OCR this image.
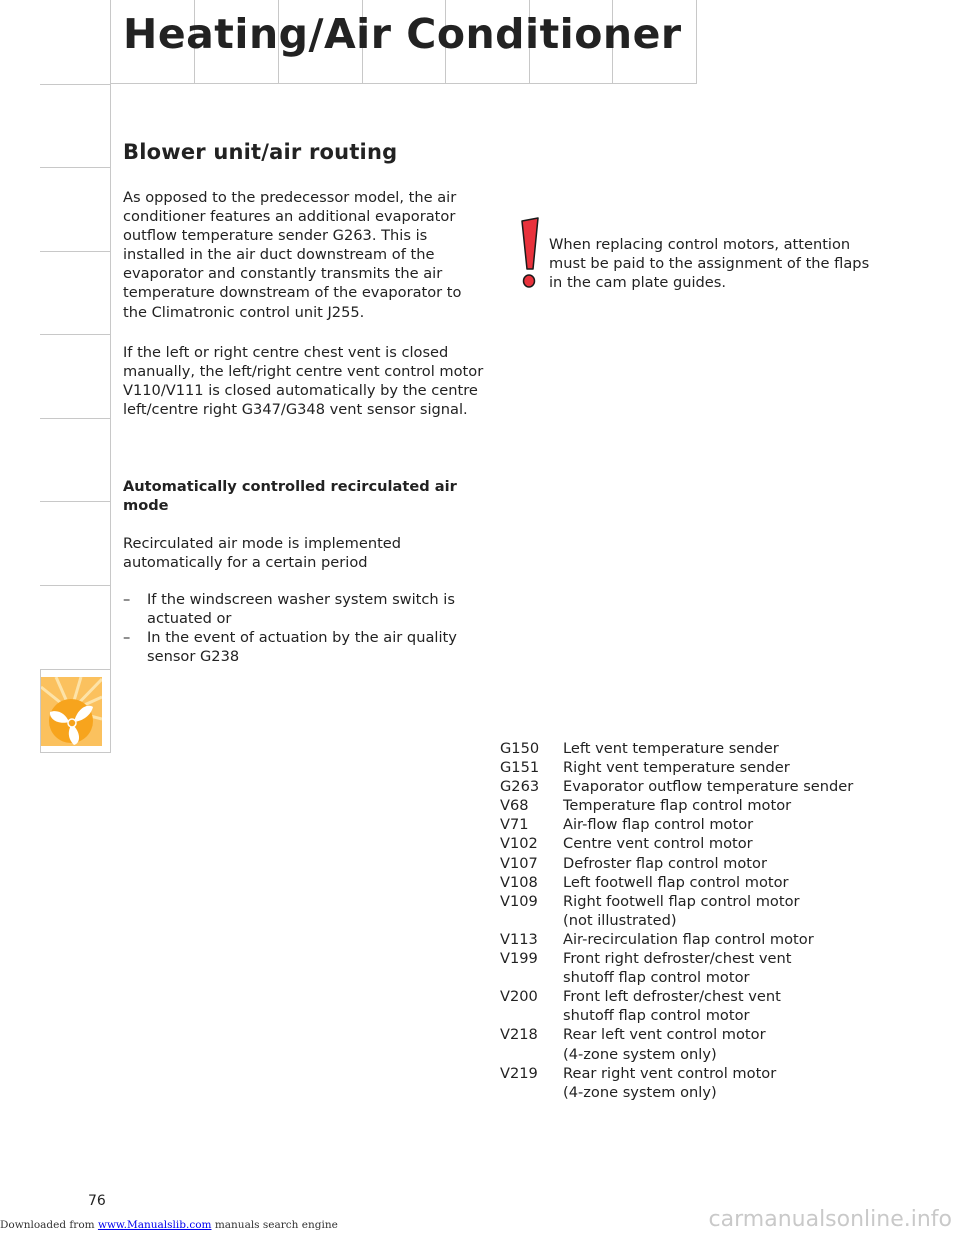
Heating/Air Conditioner
Blower unit/air routing

As opposed to the predecessor model, the air conditioner features an additional evaporator outflow temperature sender G263. This is installed in the air duct downstream of the evaporator and constantly transmits the air temperature downstream of the evaporator to the Climatronic control unit J255.

If the left or right centre chest vent is closed manually, the left/right centre vent control motor V110/V111 is closed automatically by the centre left/centre right G347/G348 vent sensor signal.

Automatically controlled recirculated air mode

Recirculated air mode is implemented automatically for a certain period

– If the windscreen washer system switch is actuated or
– In the event of actuation by the air quality sensor G238

When replacing control motors, attention must be paid to the assignment of the flaps in the cam plate guides.

G150	Left vent temperature sender
G151	Right vent temperature sender
G263	Evaporator outflow temperature sender
V68	Temperature flap control motor
V71	Air-flow flap control motor
V102	Centre vent control motor
V107	Defroster flap control motor
V108	Left footwell flap control motor
V109	Right footwell flap control motor
(not illustrated)
V113	Air-recirculation flap control motor
V199	Front right defroster/chest vent
shutoff flap control motor
V200	Front left defroster/chest vent
shutoff flap control motor
V218	Rear left vent control motor
(4-zone system only)
V219	Rear right vent control motor
(4-zone system only)
76
Downloaded from www.Manualslib.com manuals search engine	carmanualsonline.info
